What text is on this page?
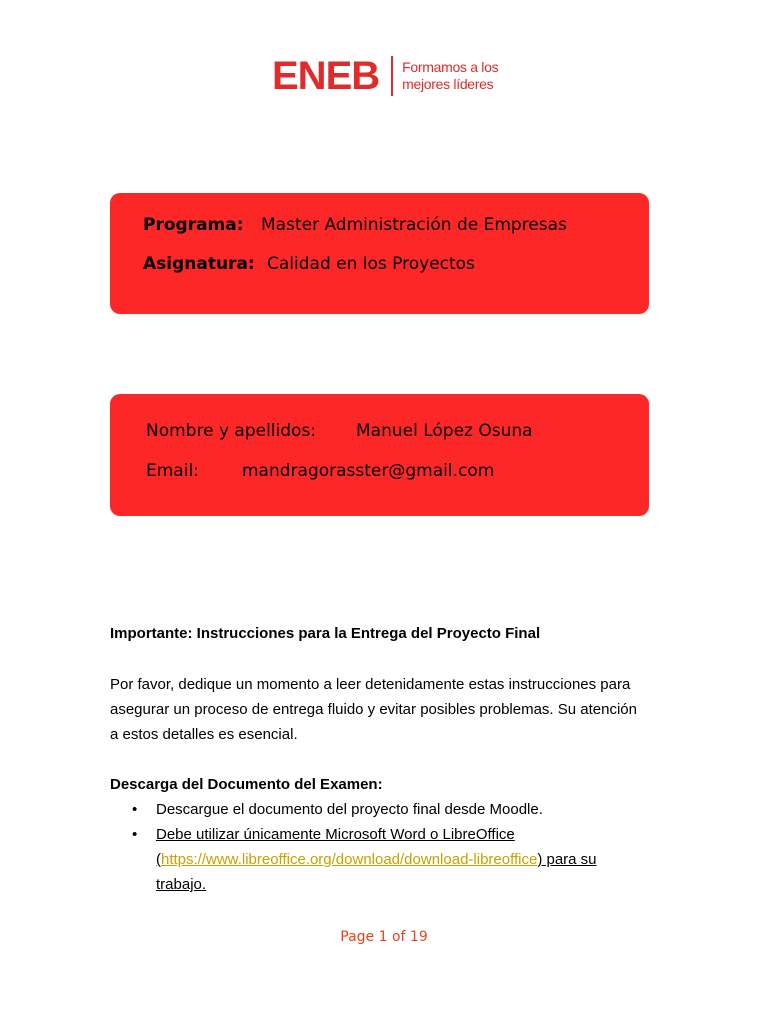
ENEB Formamos a los
mejores líderes
Programa: Master Administración de Empresas
Asignatura: Calidad en los Proyectos
Nombre y apellidos: Manuel López Osuna
Email:	mandragorasster@gmail.com
Importante: Instrucciones para la Entrega del Proyecto Final
Por favor, dedique un momento a leer detenidamente estas instrucciones para
asegurar un proceso de entrega fluido y evitar posibles problemas. Su atención
a estos detalles es esencial.
Descarga del Documento del Examen:
• Descargue el documento del proyecto final desde Moodle.
• Debe utilizar únicamente Microsoft Word o LibreOffice
(https://www.libreoffice.org/download/download-libreoffice) para su
trabajo.
Page 1 of 19
